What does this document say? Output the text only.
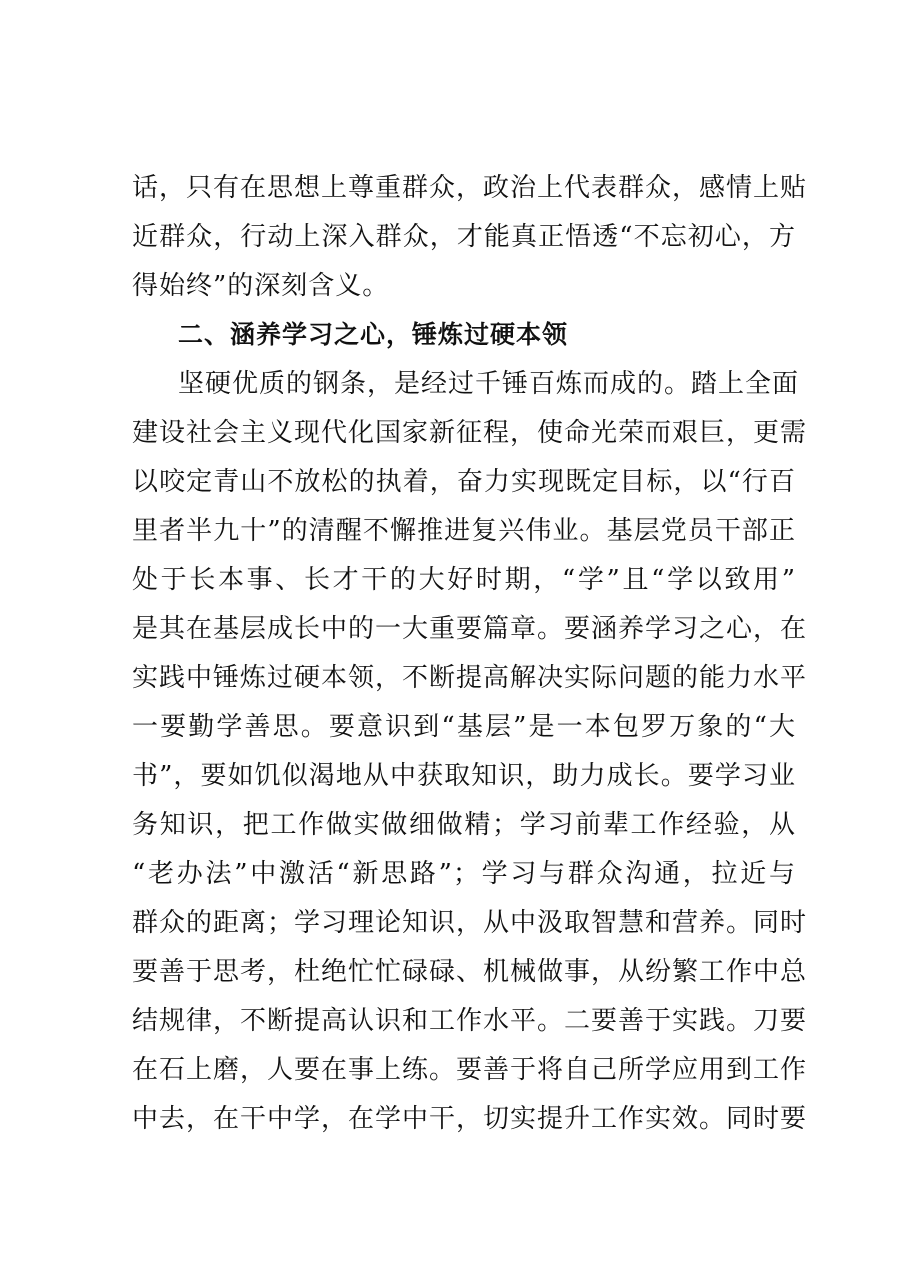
话，只有在思想上尊重群众，政治上代表群众，感情上贴
近群众，行动上深入群众，才能真正悟透“不忘初心，方
得始终”的深刻含义。
二、涵养学习之心，锤炼过硬本领
坚硬优质的钢条，是经过千锤百炼而成的。踏上全面
建设社会主义现代化国家新征程，使命光荣而艰巨，更需
以咬定青山不放松的执着，奋力实现既定目标，以“行百
里者半九十”的清醒不懈推进复兴伟业。基层党员干部正
处于长本事、长才干的大好时期，“学”且“学以致用”
是其在基层成长中的一大重要篇章。要涵养学习之心，在
实践中锤炼过硬本领，不断提高解决实际问题的能力水平
一要勤学善思。要意识到“基层”是一本包罗万象的“大
书”，要如饥似渴地从中获取知识，助力成长。要学习业
务知识，把工作做实做细做精；学习前辈工作经验，从
“老办法”中激活“新思路”；学习与群众沟通，拉近与
群众的距离；学习理论知识，从中汲取智慧和营养。同时
要善于思考，杜绝忙忙碌碌、机械做事，从纷繁工作中总
结规律，不断提高认识和工作水平。二要善于实践。刀要
在石上磨，人要在事上练。要善于将自己所学应用到工作
中去，在干中学，在学中干，切实提升工作实效。同时要
